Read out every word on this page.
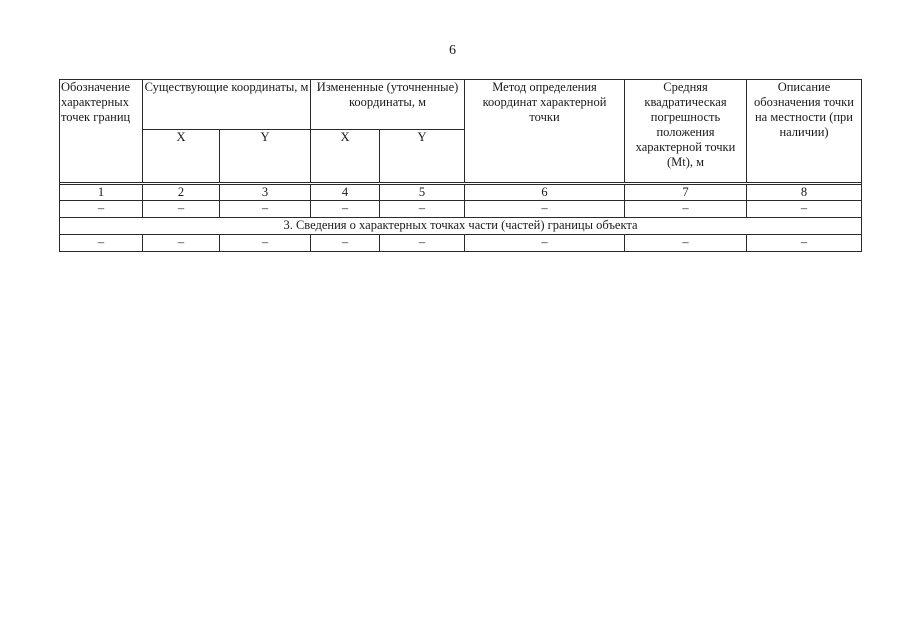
6
Обозначение характерных точек границ	Существующие координаты, м		Измененные (уточненные) координаты, м		Метод определения координат характерной точки	Средняя квадратическая погрешность положения характерной точки (Мt), м	Описание обозначения точки на местности (при наличии)
	X	Y	X	Y			

1	2	3	4	5	6	7	8
–	–	–	–	–	–	–	–
3. Сведения о характерных точках части (частей) границы объекта							
–	–	–	–	–	–	–	–
